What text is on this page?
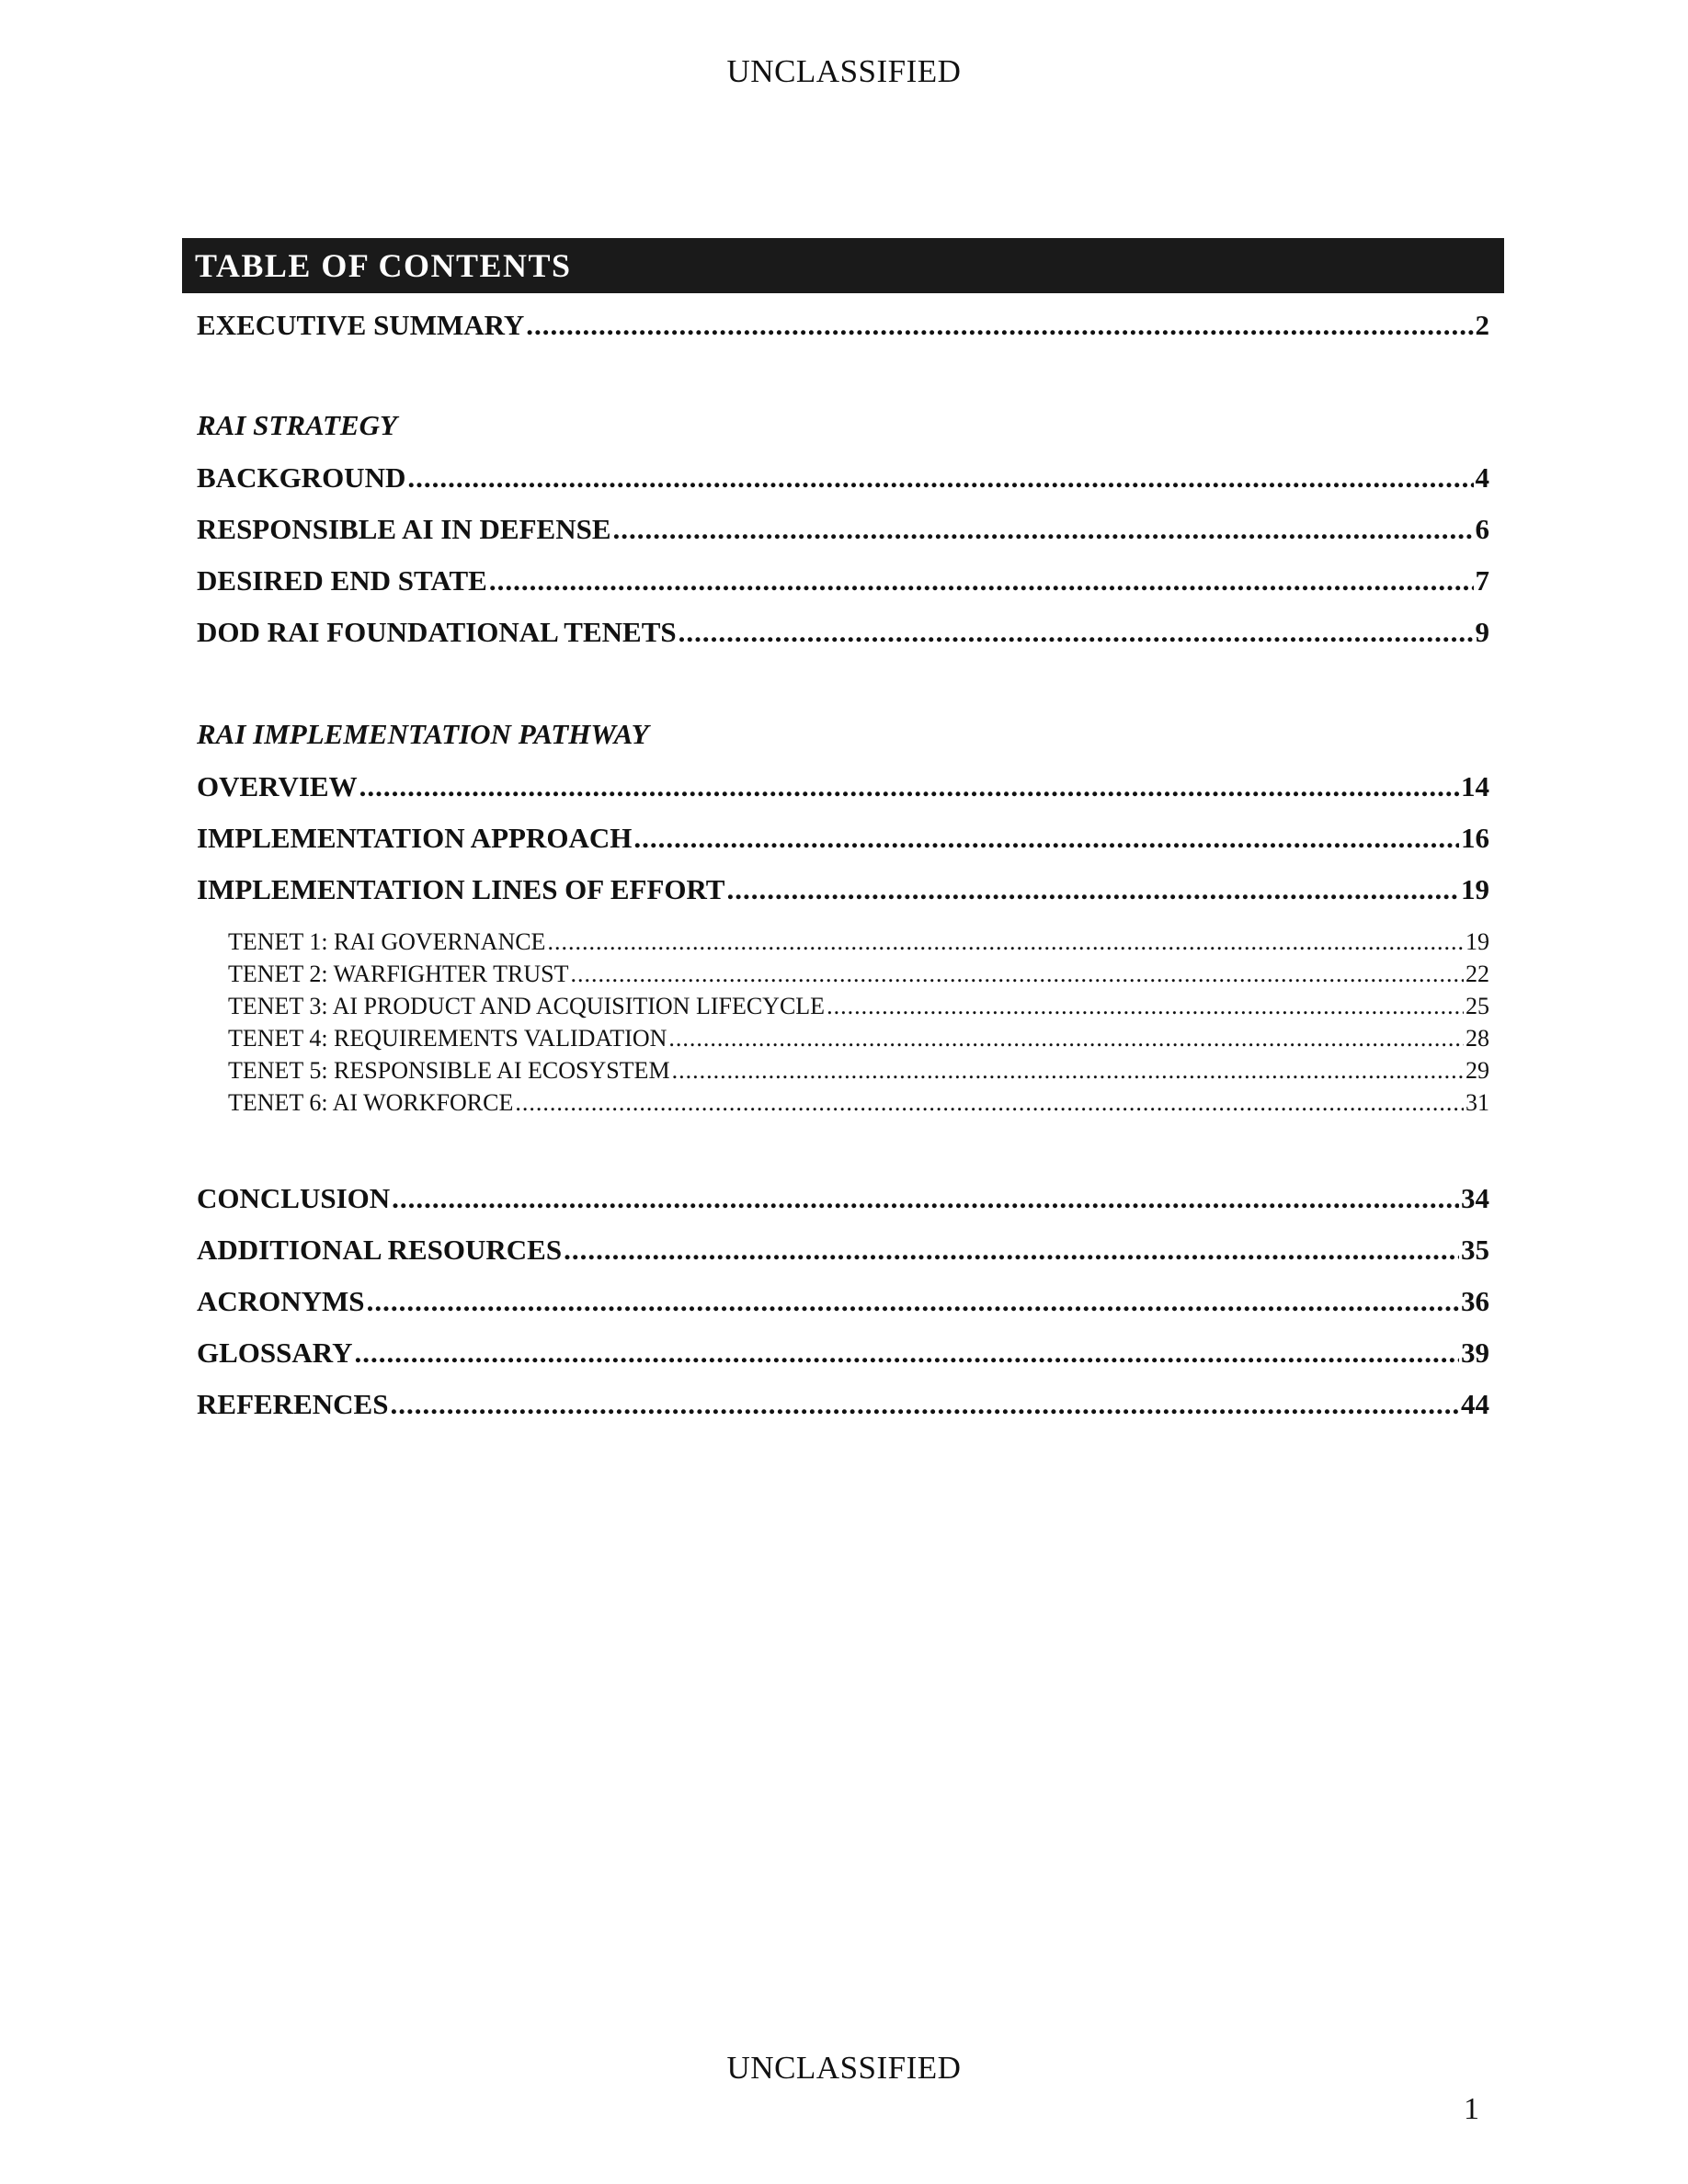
UNCLASSIFIED
TABLE OF CONTENTS
EXECUTIVE SUMMARY .....	2
RAI STRATEGY
BACKGROUND .....	4
RESPONSIBLE AI IN DEFENSE .....	6
DESIRED END STATE .....	7
DOD RAI FOUNDATIONAL TENETS .....	9
RAI IMPLEMENTATION PATHWAY
OVERVIEW .....	14
IMPLEMENTATION APPROACH .....	16
IMPLEMENTATION LINES OF EFFORT .....	19
TENET 1: RAI GOVERNANCE .....	19
TENET 2: WARFIGHTER TRUST .....	22
TENET 3: AI PRODUCT AND ACQUISITION LIFECYCLE .....	25
TENET 4: REQUIREMENTS VALIDATION .....	28
TENET 5: RESPONSIBLE AI ECOSYSTEM .....	29
TENET 6: AI WORKFORCE .....	31
CONCLUSION .....	34
ADDITIONAL RESOURCES .....	35
ACRONYMS .....	36
GLOSSARY .....	39
REFERENCES .....	44
UNCLASSIFIED
1
